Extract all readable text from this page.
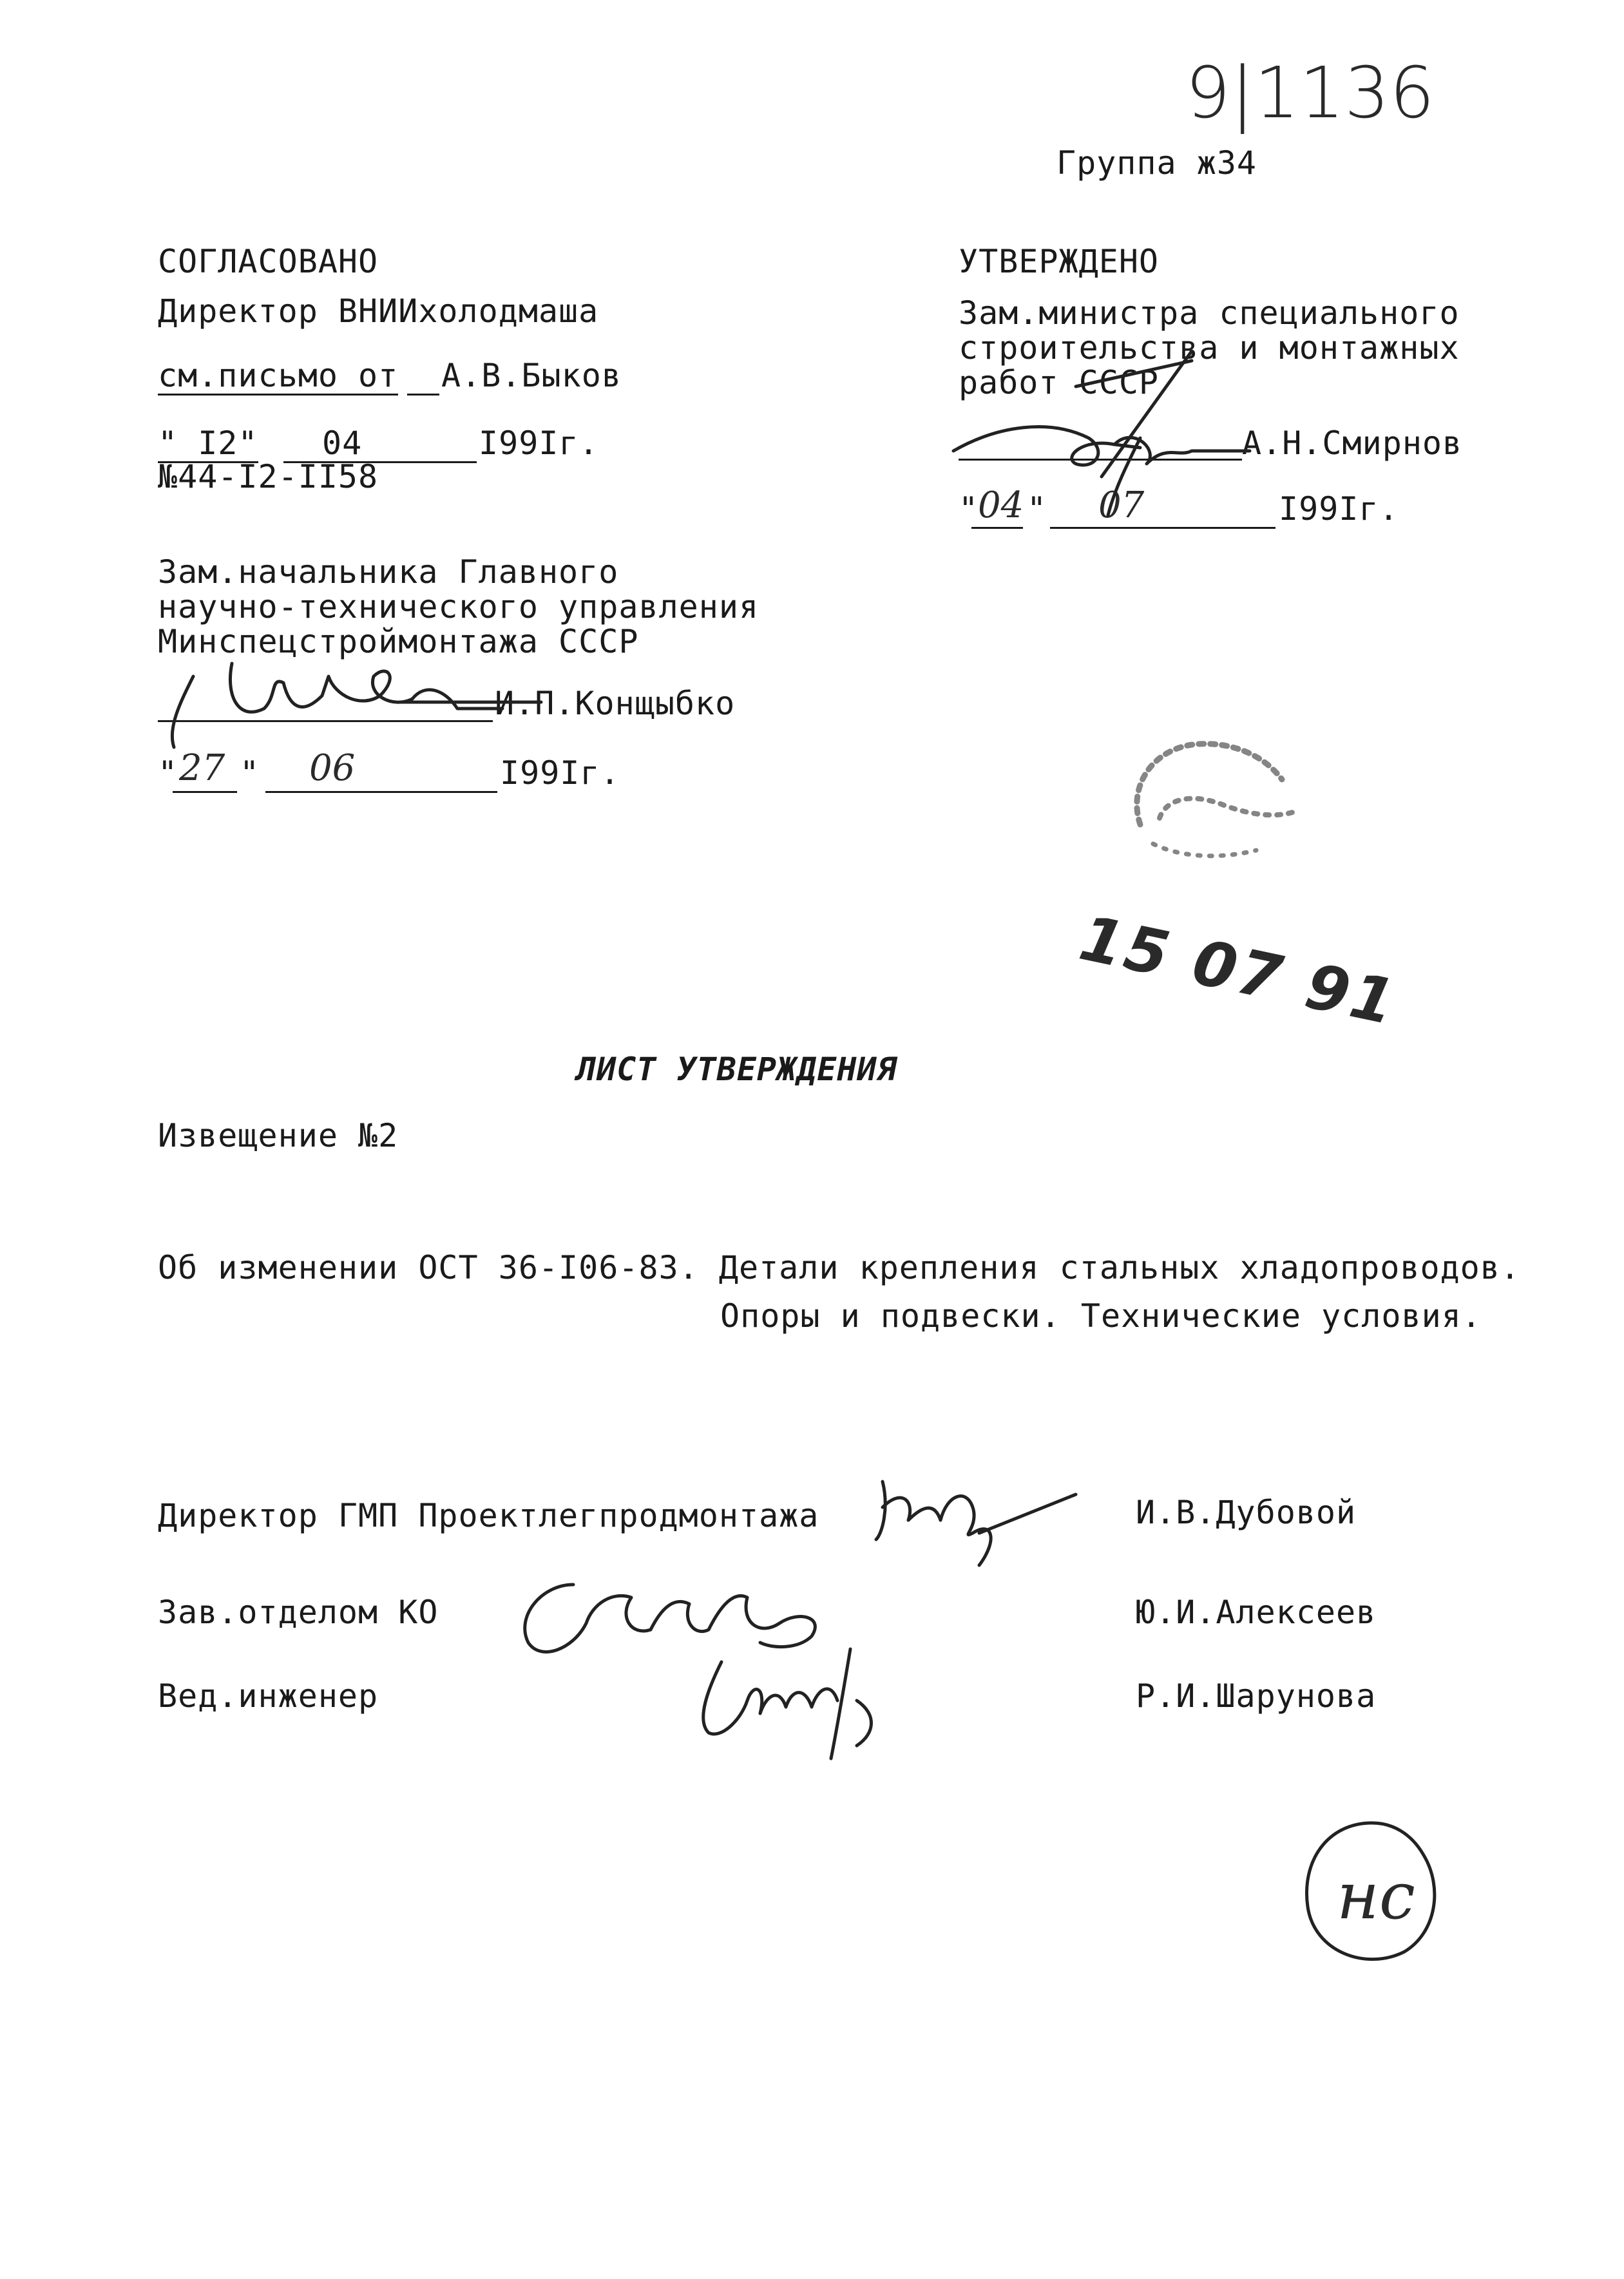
9|1136
Группа ж34
СОГЛАСОВАНО
Директор ВНИИхолодмаша
см.письмо от А.В.Быков
" I2" 04	I99Iг.
№44-I2-II58
УТВЕРЖДЕНО
Зам.министра специального
строительства и монтажных
работ СССР
А.Н.Смирнов
"
04 " 07	I99Iг.
Зам.начальника Главного
научно-технического управления
Минспецстроймонтажа СССР
И.П.Конщыбко
" 27 " 06	I99Iг.
15 07 91
ЛИСТ УТВЕРЖДЕНИЯ
Извещение №2
Об изменении ОСТ 36-I06-83. Детали крепления стальных хладопроводов.
Опоры и подвески. Технические условия.
Директор ГМП Проектлегпродмонтажа	И.В.Дубовой
Зав.отделом КО	Ю.И.Алексеев
Вед.инженер	Р.И.Шарунова
нс
